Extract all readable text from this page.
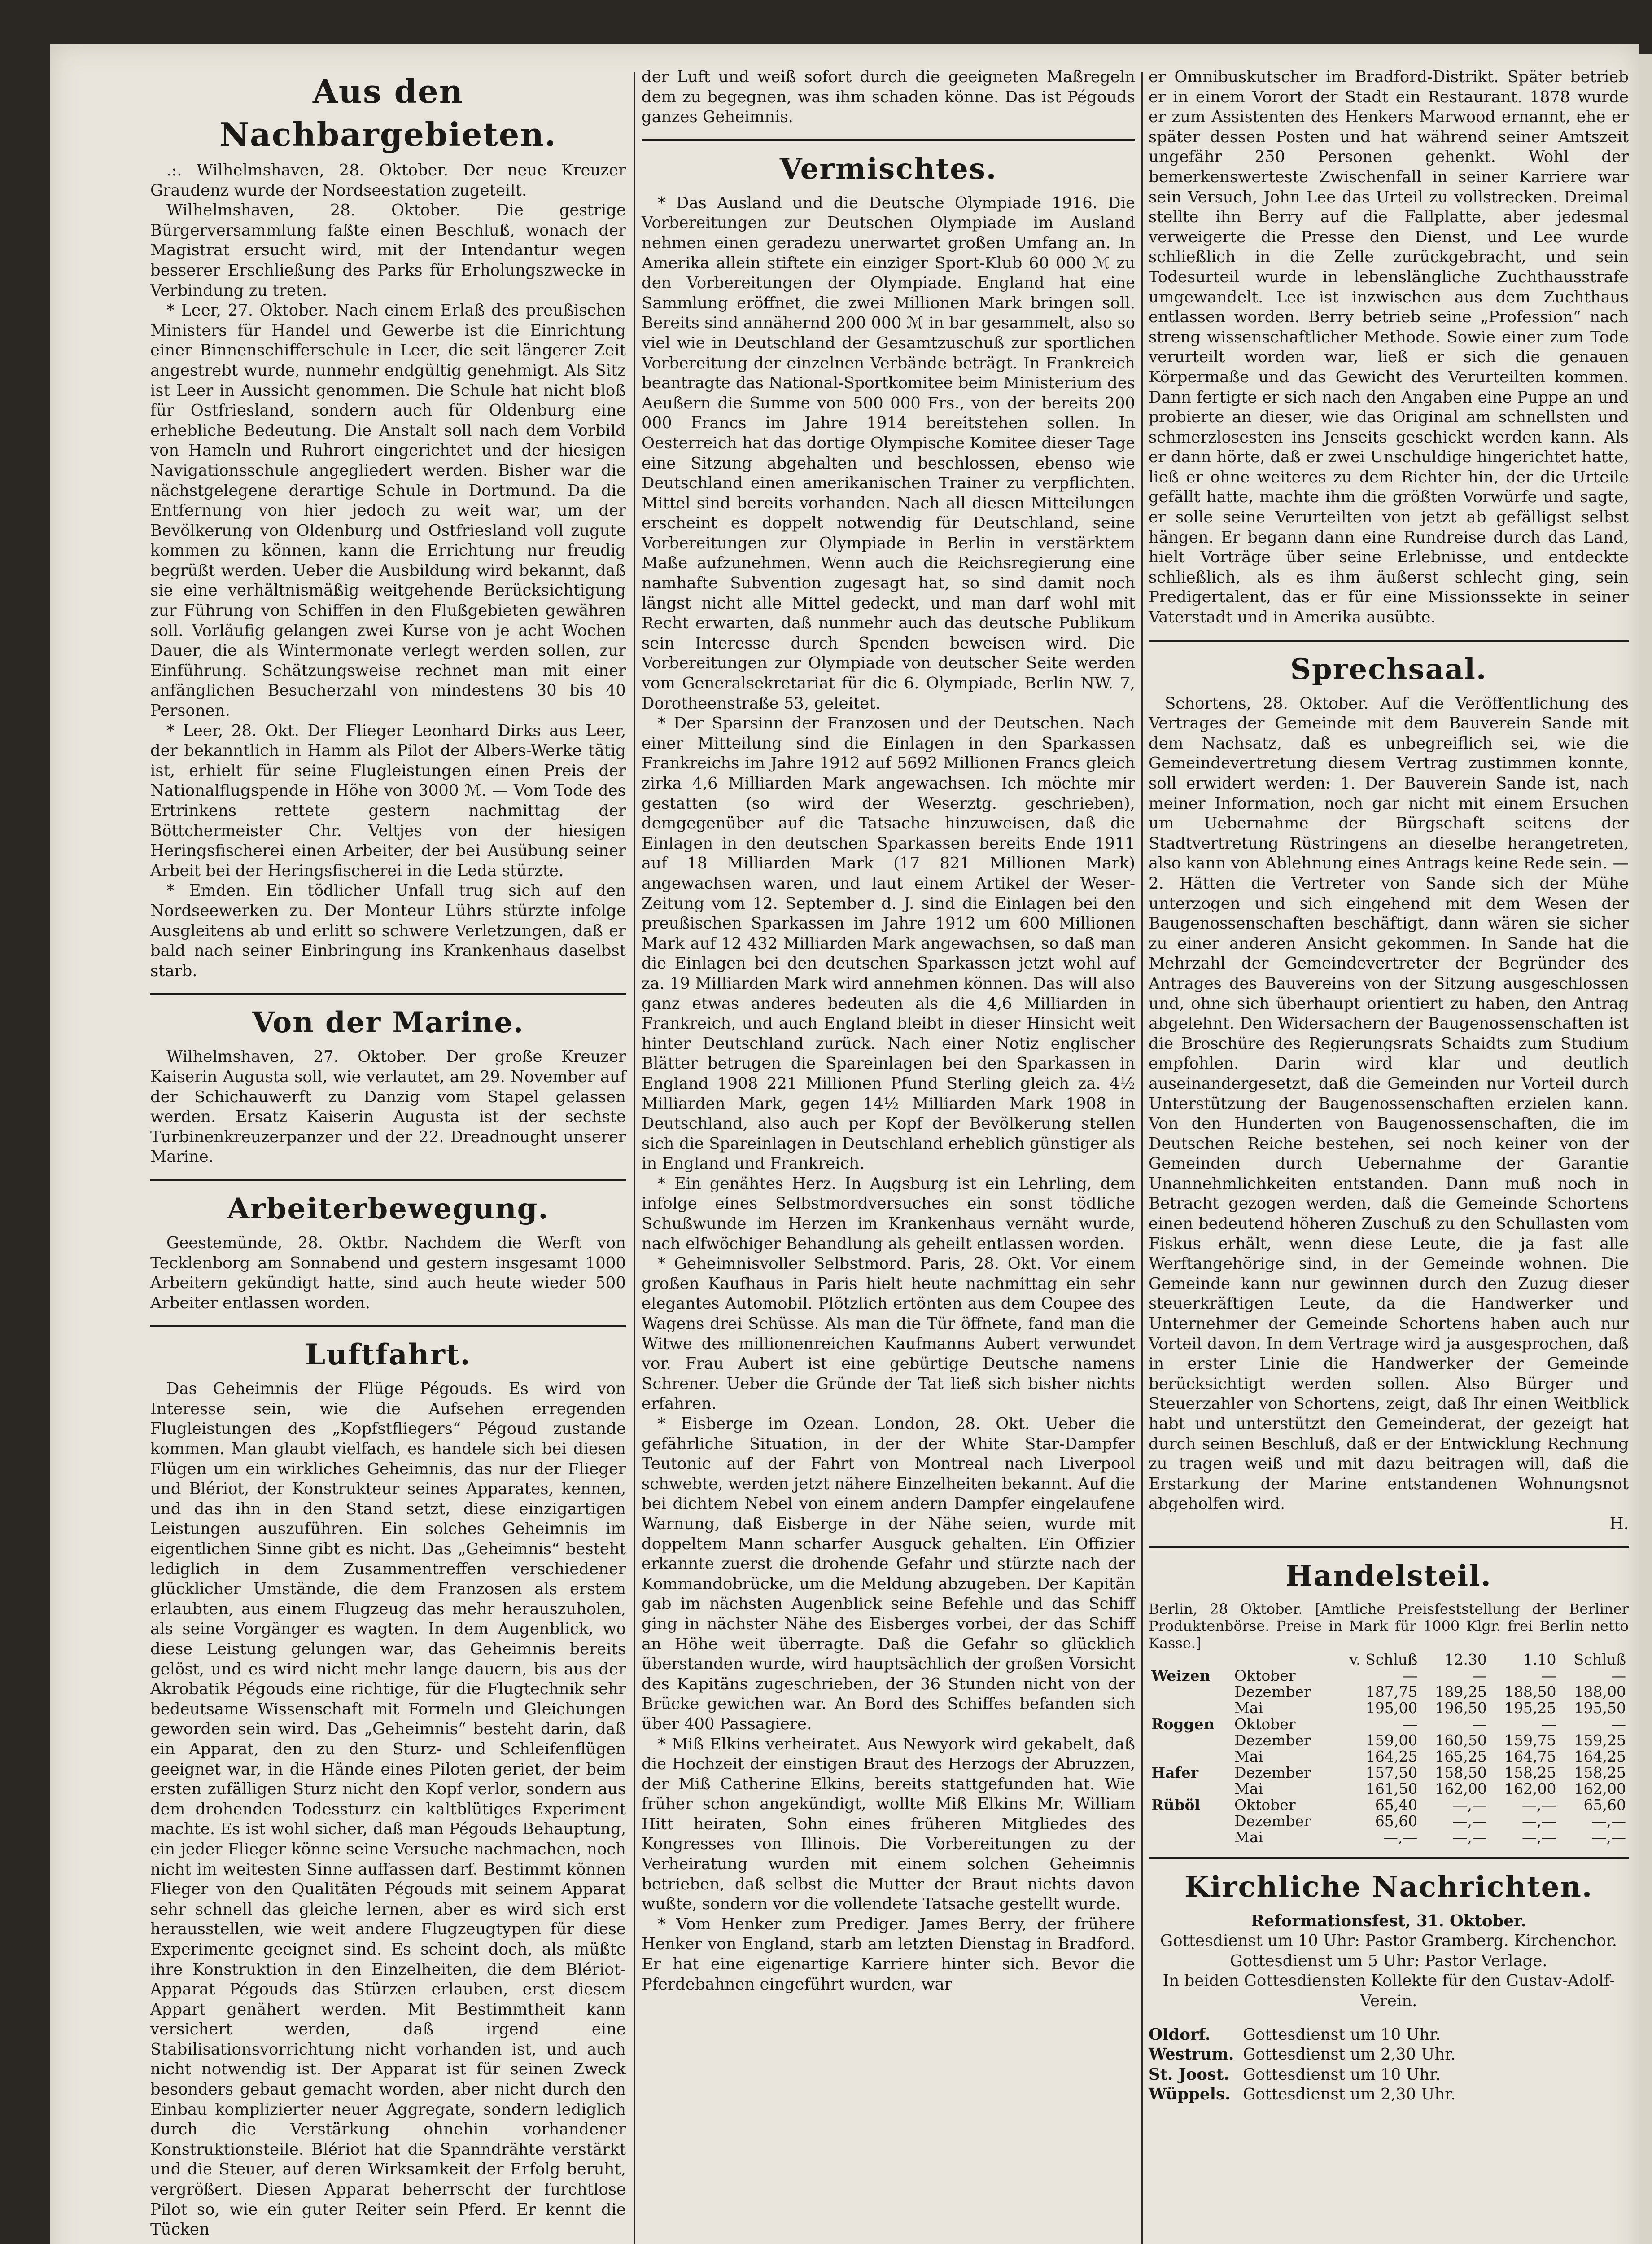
Aus den Nachbargebieten.

.:. Wilhelmshaven, 28. Oktober. Der neue Kreuzer Graudenz wurde der Nordseestation zugeteilt.

Wilhelmshaven, 28. Oktober. Die gestrige Bürgerversammlung faßte einen Beschluß, wonach der Magistrat ersucht wird, mit der Intendantur wegen besserer Erschließung des Parks für Erholungszwecke in Verbindung zu treten.

* Leer, 27. Oktober. Nach einem Erlaß des preußischen Ministers für Handel und Gewerbe ist die Einrichtung einer Binnenschifferschule in Leer, die seit längerer Zeit angestrebt wurde, nunmehr endgültig genehmigt. Als Sitz ist Leer in Aussicht genommen. Die Schule hat nicht bloß für Ostfriesland, sondern auch für Oldenburg eine erhebliche Bedeutung. Die Anstalt soll nach dem Vorbild von Hameln und Ruhrort eingerichtet und der hiesigen Navigationsschule angegliedert werden. Bisher war die nächstgelegene derartige Schule in Dortmund. Da die Entfernung von hier jedoch zu weit war, um der Bevölkerung von Oldenburg und Ostfriesland voll zugute kommen zu können, kann die Errichtung nur freudig begrüßt werden. Ueber die Ausbildung wird bekannt, daß sie eine verhältnismäßig weitgehende Berücksichtigung zur Führung von Schiffen in den Flußgebieten gewähren soll. Vorläufig gelangen zwei Kurse von je acht Wochen Dauer, die als Wintermonate verlegt werden sollen, zur Einführung. Schätzungsweise rechnet man mit einer anfänglichen Besucherzahl von mindestens 30 bis 40 Personen.

* Leer, 28. Okt. Der Flieger Leonhard Dirks aus Leer, der bekanntlich in Hamm als Pilot der Albers-Werke tätig ist, erhielt für seine Flugleistungen einen Preis der Nationalflugspende in Höhe von 3000 ℳ. — Vom Tode des Ertrinkens rettete gestern nachmittag der Böttchermeister Chr. Veltjes von der hiesigen Heringsfischerei einen Arbeiter, der bei Ausübung seiner Arbeit bei der Heringsfischerei in die Leda stürzte.

* Emden. Ein tödlicher Unfall trug sich auf den Nordseewerken zu. Der Monteur Lührs stürzte infolge Ausgleitens ab und erlitt so schwere Verletzungen, daß er bald nach seiner Einbringung ins Krankenhaus daselbst starb.

Von der Marine.

Wilhelmshaven, 27. Oktober. Der große Kreuzer Kaiserin Augusta soll, wie verlautet, am 29. November auf der Schichauwerft zu Danzig vom Stapel gelassen werden. Ersatz Kaiserin Augusta ist der sechste Turbinenkreuzerpanzer und der 22. Dreadnought unserer Marine.

Arbeiterbewegung.

Geestemünde, 28. Oktbr. Nachdem die Werft von Tecklenborg am Sonnabend und gestern insgesamt 1000 Arbeitern gekündigt hatte, sind auch heute wieder 500 Arbeiter entlassen worden.

Luftfahrt.

Das Geheimnis der Flüge Pégouds. Es wird von Interesse sein, wie die Aufsehen erregenden Flugleistungen des „Kopfstfliegers“ Pégoud zustande kommen. Man glaubt vielfach, es handele sich bei diesen Flügen um ein wirkliches Geheimnis, das nur der Flieger und Blériot, der Konstrukteur seines Apparates, kennen, und das ihn in den Stand setzt, diese einzigartigen Leistungen auszuführen. Ein solches Geheimnis im eigentlichen Sinne gibt es nicht. Das „Geheimnis“ besteht lediglich in dem Zusammentreffen verschiedener glücklicher Umstände, die dem Franzosen als erstem erlaubten, aus einem Flugzeug das mehr herauszuholen, als seine Vorgänger es wagten. In dem Augenblick, wo diese Leistung gelungen war, das Geheimnis bereits gelöst, und es wird nicht mehr lange dauern, bis aus der Akrobatik Pégouds eine richtige, für die Flugtechnik sehr bedeutsame Wissenschaft mit Formeln und Gleichungen geworden sein wird. Das „Geheimnis“ besteht darin, daß ein Apparat, den zu den Sturz- und Schleifenflügen geeignet war, in die Hände eines Piloten geriet, der beim ersten zufälligen Sturz nicht den Kopf verlor, sondern aus dem drohenden Todessturz ein kaltblütiges Experiment machte. Es ist wohl sicher, daß man Pégouds Behauptung, ein jeder Flieger könne seine Versuche nachmachen, noch nicht im weitesten Sinne auffassen darf. Bestimmt können Flieger von den Qualitäten Pégouds mit seinem Apparat sehr schnell das gleiche lernen, aber es wird sich erst herausstellen, wie weit andere Flugzeugtypen für diese Experimente geeignet sind. Es scheint doch, als müßte ihre Konstruktion in den Einzelheiten, die dem Blériot-Apparat Pégouds das Stürzen erlauben, erst diesem Appart genähert werden. Mit Bestimmtheit kann versichert werden, daß irgend eine Stabilisationsvorrichtung nicht vorhanden ist, und auch nicht notwendig ist. Der Apparat ist für seinen Zweck besonders gebaut gemacht worden, aber nicht durch den Einbau komplizierter neuer Aggregate, sondern lediglich durch die Verstärkung ohnehin vorhandener Konstruktionsteile. Blériot hat die Spanndrähte verstärkt und die Steuer, auf deren Wirksamkeit der Erfolg beruht, vergrößert. Diesen Apparat beherrscht der furchtlose Pilot so, wie ein guter Reiter sein Pferd. Er kennt die Tücken

der Luft und weiß sofort durch die geeigneten Maßregeln dem zu begegnen, was ihm schaden könne. Das ist Pégouds ganzes Geheimnis.

Vermischtes.

* Das Ausland und die Deutsche Olympiade 1916. Die Vorbereitungen zur Deutschen Olympiade im Ausland nehmen einen geradezu unerwartet großen Umfang an. In Amerika allein stiftete ein einziger Sport-Klub 60 000 ℳ zu den Vorbereitungen der Olympiade. England hat eine Sammlung eröffnet, die zwei Millionen Mark bringen soll. Bereits sind annähernd 200 000 ℳ in bar gesammelt, also so viel wie in Deutschland der Gesamtzuschuß zur sportlichen Vorbereitung der einzelnen Verbände beträgt. In Frankreich beantragte das National-Sportkomitee beim Ministerium des Aeußern die Summe von 500 000 Frs., von der bereits 200 000 Francs im Jahre 1914 bereitstehen sollen. In Oesterreich hat das dortige Olympische Komitee dieser Tage eine Sitzung abgehalten und beschlossen, ebenso wie Deutschland einen amerikanischen Trainer zu verpflichten. Mittel sind bereits vorhanden. Nach all diesen Mitteilungen erscheint es doppelt notwendig für Deutschland, seine Vorbereitungen zur Olympiade in Berlin in verstärktem Maße aufzunehmen. Wenn auch die Reichsregierung eine namhafte Subvention zugesagt hat, so sind damit noch längst nicht alle Mittel gedeckt, und man darf wohl mit Recht erwarten, daß nunmehr auch das deutsche Publikum sein Interesse durch Spenden beweisen wird. Die Vorbereitungen zur Olympiade von deutscher Seite werden vom Generalsekretariat für die 6. Olympiade, Berlin NW. 7, Dorotheenstraße 53, geleitet.

* Der Sparsinn der Franzosen und der Deutschen. Nach einer Mitteilung sind die Einlagen in den Sparkassen Frankreichs im Jahre 1912 auf 5692 Millionen Francs gleich zirka 4,6 Milliarden Mark angewachsen. Ich möchte mir gestatten (so wird der Weserztg. geschrieben), demgegenüber auf die Tatsache hinzuweisen, daß die Einlagen in den deutschen Sparkassen bereits Ende 1911 auf 18 Milliarden Mark (17 821 Millionen Mark) angewachsen waren, und laut einem Artikel der Weser-Zeitung vom 12. September d. J. sind die Einlagen bei den preußischen Sparkassen im Jahre 1912 um 600 Millionen Mark auf 12 432 Milliarden Mark angewachsen, so daß man die Einlagen bei den deutschen Sparkassen jetzt wohl auf za. 19 Milliarden Mark wird annehmen können. Das will also ganz etwas anderes bedeuten als die 4,6 Milliarden in Frankreich, und auch England bleibt in dieser Hinsicht weit hinter Deutschland zurück. Nach einer Notiz englischer Blätter betrugen die Spareinlagen bei den Sparkassen in England 1908 221 Millionen Pfund Sterling gleich za. 4½ Milliarden Mark, gegen 14½ Milliarden Mark 1908 in Deutschland, also auch per Kopf der Bevölkerung stellen sich die Spareinlagen in Deutschland erheblich günstiger als in England und Frankreich.

* Ein genähtes Herz. In Augsburg ist ein Lehrling, dem infolge eines Selbstmordversuches ein sonst tödliche Schußwunde im Herzen im Krankenhaus vernäht wurde, nach elfwöchiger Behandlung als geheilt entlassen worden.

* Geheimnisvoller Selbstmord. Paris, 28. Okt. Vor einem großen Kaufhaus in Paris hielt heute nachmittag ein sehr elegantes Automobil. Plötzlich ertönten aus dem Coupee des Wagens drei Schüsse. Als man die Tür öffnete, fand man die Witwe des millionenreichen Kaufmanns Aubert verwundet vor. Frau Aubert ist eine gebürtige Deutsche namens Schrener. Ueber die Gründe der Tat ließ sich bisher nichts erfahren.

* Eisberge im Ozean. London, 28. Okt. Ueber die gefährliche Situation, in der der White Star-Dampfer Teutonic auf der Fahrt von Montreal nach Liverpool schwebte, werden jetzt nähere Einzelheiten bekannt. Auf die bei dichtem Nebel von einem andern Dampfer eingelaufene Warnung, daß Eisberge in der Nähe seien, wurde mit doppeltem Mann scharfer Ausguck gehalten. Ein Offizier erkannte zuerst die drohende Gefahr und stürzte nach der Kommandobrücke, um die Meldung abzugeben. Der Kapitän gab im nächsten Augenblick seine Befehle und das Schiff ging in nächster Nähe des Eisberges vorbei, der das Schiff an Höhe weit überragte. Daß die Gefahr so glücklich überstanden wurde, wird hauptsächlich der großen Vorsicht des Kapitäns zugeschrieben, der 36 Stunden nicht von der Brücke gewichen war. An Bord des Schiffes befanden sich über 400 Passagiere.

* Miß Elkins verheiratet. Aus Newyork wird gekabelt, daß die Hochzeit der einstigen Braut des Herzogs der Abruzzen, der Miß Catherine Elkins, bereits stattgefunden hat. Wie früher schon angekündigt, wollte Miß Elkins Mr. William Hitt heiraten, Sohn eines früheren Mitgliedes des Kongresses von Illinois. Die Vorbereitungen zu der Verheiratung wurden mit einem solchen Geheimnis betrieben, daß selbst die Mutter der Braut nichts davon wußte, sondern vor die vollendete Tatsache gestellt wurde.

* Vom Henker zum Prediger. James Berry, der frühere Henker von England, starb am letzten Dienstag in Bradford. Er hat eine eigenartige Karriere hinter sich. Bevor die Pferdebahnen eingeführt wurden, war

er Omnibuskutscher im Bradford-Distrikt. Später betrieb er in einem Vorort der Stadt ein Restaurant. 1878 wurde er zum Assistenten des Henkers Marwood ernannt, ehe er später dessen Posten und hat während seiner Amtszeit ungefähr 250 Personen gehenkt. Wohl der bemerkenswerteste Zwischenfall in seiner Karriere war sein Versuch, John Lee das Urteil zu vollstrecken. Dreimal stellte ihn Berry auf die Fallplatte, aber jedesmal verweigerte die Presse den Dienst, und Lee wurde schließlich in die Zelle zurückgebracht, und sein Todesurteil wurde in lebenslängliche Zuchthausstrafe umgewandelt. Lee ist inzwischen aus dem Zuchthaus entlassen worden. Berry betrieb seine „Profession“ nach streng wissenschaftlicher Methode. Sowie einer zum Tode verurteilt worden war, ließ er sich die genauen Körpermaße und das Gewicht des Verurteilten kommen. Dann fertigte er sich nach den Angaben eine Puppe an und probierte an dieser, wie das Original am schnellsten und schmerzlosesten ins Jenseits geschickt werden kann. Als er dann hörte, daß er zwei Unschuldige hingerichtet hatte, ließ er ohne weiteres zu dem Richter hin, der die Urteile gefällt hatte, machte ihm die größten Vorwürfe und sagte, er solle seine Verurteilten von jetzt ab gefälligst selbst hängen. Er begann dann eine Rundreise durch das Land, hielt Vorträge über seine Erlebnisse, und entdeckte schließlich, als es ihm äußerst schlecht ging, sein Predigertalent, das er für eine Missionssekte in seiner Vaterstadt und in Amerika ausübte.

Sprechsaal.

Schortens, 28. Oktober. Auf die Veröffentlichung des Vertrages der Gemeinde mit dem Bauverein Sande mit dem Nachsatz, daß es unbegreiflich sei, wie die Gemeindevertretung diesem Vertrag zustimmen konnte, soll erwidert werden: 1. Der Bauverein Sande ist, nach meiner Information, noch gar nicht mit einem Ersuchen um Uebernahme der Bürgschaft seitens der Stadtvertretung Rüstringens an dieselbe herangetreten, also kann von Ablehnung eines Antrags keine Rede sein. — 2. Hätten die Vertreter von Sande sich der Mühe unterzogen und sich eingehend mit dem Wesen der Baugenossenschaften beschäftigt, dann wären sie sicher zu einer anderen Ansicht gekommen. In Sande hat die Mehrzahl der Gemeindevertreter der Begründer des Antrages des Bauvereins von der Sitzung ausgeschlossen und, ohne sich überhaupt orientiert zu haben, den Antrag abgelehnt. Den Widersachern der Baugenossenschaften ist die Broschüre des Regierungsrats Schaidts zum Studium empfohlen. Darin wird klar und deutlich auseinandergesetzt, daß die Gemeinden nur Vorteil durch Unterstützung der Baugenossenschaften erzielen kann. Von den Hunderten von Baugenossenschaften, die im Deutschen Reiche bestehen, sei noch keiner von der Gemeinden durch Uebernahme der Garantie Unannehmlichkeiten entstanden. Dann muß noch in Betracht gezogen werden, daß die Gemeinde Schortens einen bedeutend höheren Zuschuß zu den Schullasten vom Fiskus erhält, wenn diese Leute, die ja fast alle Werftangehörige sind, in der Gemeinde wohnen. Die Gemeinde kann nur gewinnen durch den Zuzug dieser steuerkräftigen Leute, da die Handwerker und Unternehmer der Gemeinde Schortens haben auch nur Vorteil davon. In dem Vertrage wird ja ausgesprochen, daß in erster Linie die Handwerker der Gemeinde berücksichtigt werden sollen. Also Bürger und Steuerzahler von Schortens, zeigt, daß Ihr einen Weitblick habt und unterstützt den Gemeinderat, der gezeigt hat durch seinen Beschluß, daß er der Entwicklung Rechnung zu tragen weiß und mit dazu beitragen will, daß die Erstarkung der Marine entstandenen Wohnungsnot abgeholfen wird.

H.

Handelsteil.

Berlin, 28 Oktober. [Amtliche Preisfeststellung der Berliner Produktenbörse. Preise in Mark für 1000 Klgr. frei Berlin netto Kasse.]

		v. Schluß	12.30	1.10	Schluß
Weizen	Oktober	—	—	—	—
	Dezember	187,75	189,25	188,50	188,00
	Mai	195,00	196,50	195,25	195,50
Roggen	Oktober	—	—	—	—
	Dezember	159,00	160,50	159,75	159,25
	Mai	164,25	165,25	164,75	164,25
Hafer	Dezember	157,50	158,50	158,25	158,25
	Mai	161,50	162,00	162,00	162,00
Rüböl	Oktober	65,40	—,—	—,—	65,60
	Dezember	65,60	—,—	—,—	—,—
	Mai	—,—	—,—	—,—	—,—
Kirchliche Nachrichten.

Reformationsfest, 31. Oktober.

Gottesdienst um 10 Uhr: Pastor Gramberg. Kirchenchor.

Gottesdienst um 5 Uhr: Pastor Verlage.

In beiden Gottesdiensten Kollekte für den Gustav-Adolf-Verein.

Oldorf.	Gottesdienst um 10 Uhr.
Westrum. Gottesdienst um 2,30 Uhr.
St. Joost. Gottesdienst um 10 Uhr.
Wüppels. Gottesdienst um 2,30 Uhr.
